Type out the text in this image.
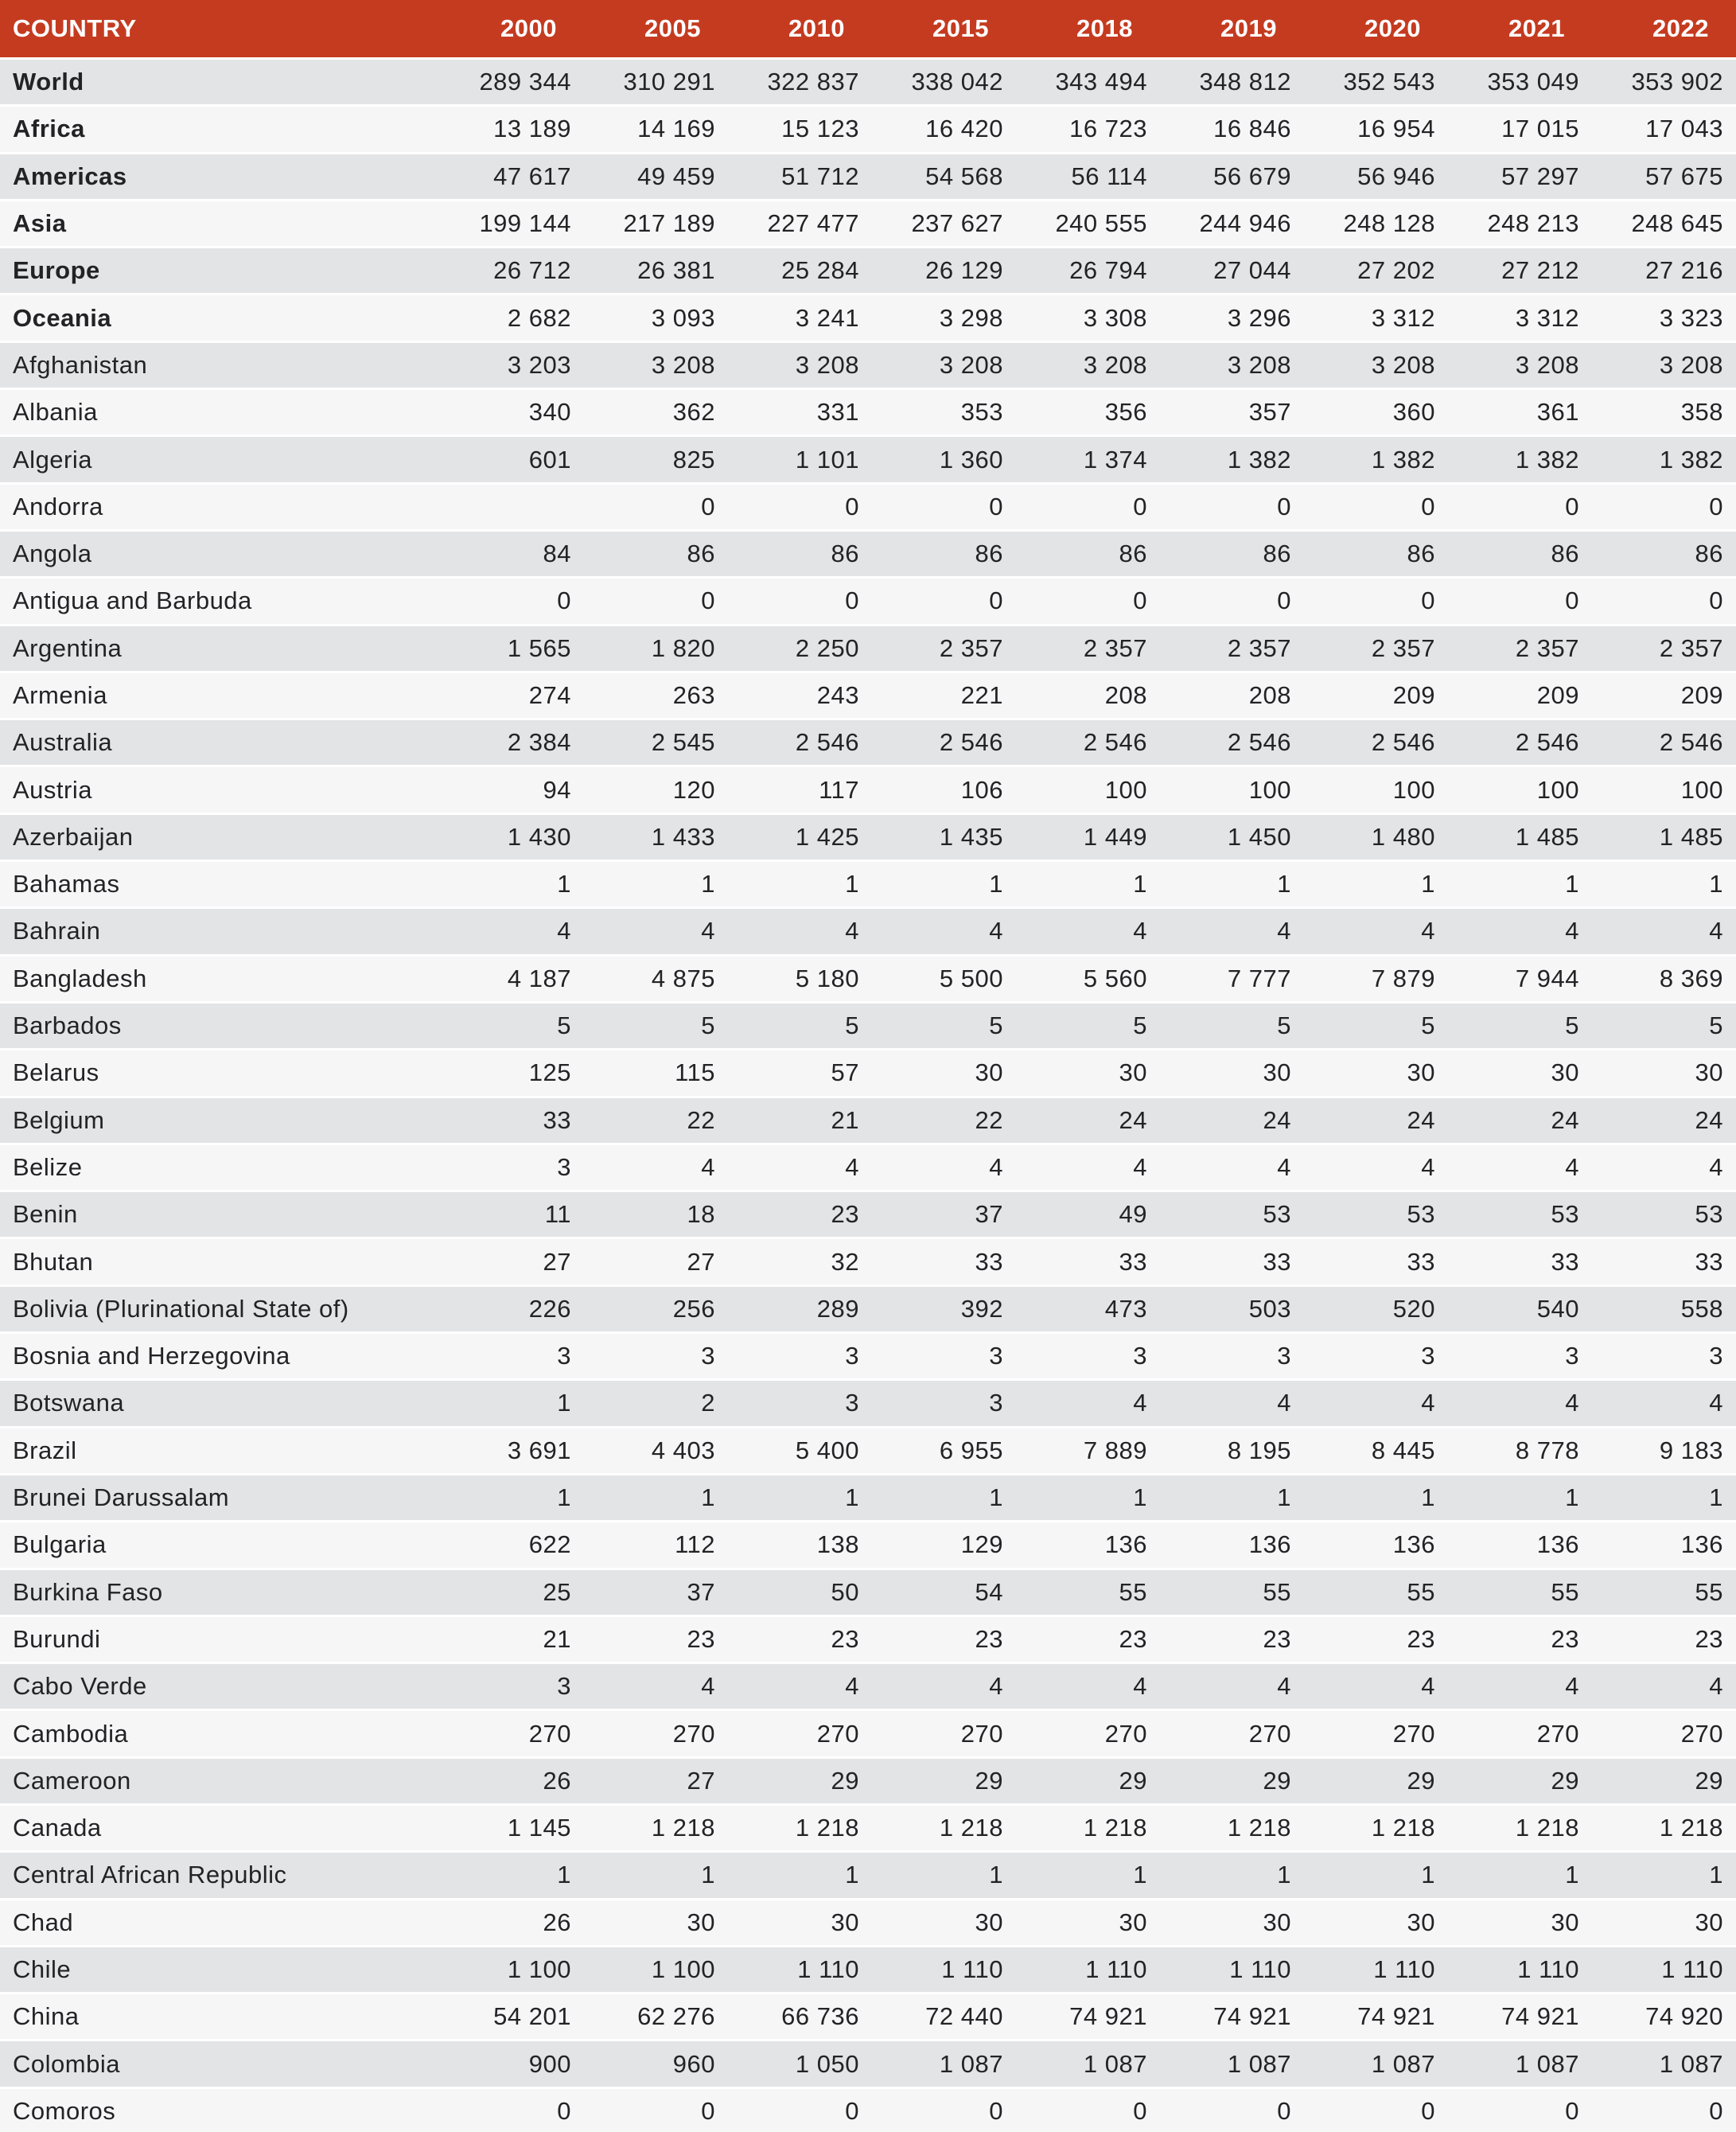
COUNTRY	2000	2005	2010	2015	2018	2019	2020	2021	2022
World	289 344	310 291	322 837	338 042	343 494	348 812	352 543	353 049	353 902
Africa	13 189	14 169	15 123	16 420	16 723	16 846	16 954	17 015	17 043
Americas	47 617	49 459	51 712	54 568	56 114	56 679	56 946	57 297	57 675
Asia	199 144	217 189	227 477	237 627	240 555	244 946	248 128	248 213	248 645
Europe	26 712	26 381	25 284	26 129	26 794	27 044	27 202	27 212	27 216
Oceania	2 682	3 093	3 241	3 298	3 308	3 296	3 312	3 312	3 323
Afghanistan	3 203	3 208	3 208	3 208	3 208	3 208	3 208	3 208	3 208
Albania	340	362	331	353	356	357	360	361	358
Algeria	601	825	1 101	1 360	1 374	1 382	1 382	1 382	1 382
Andorra		0	0	0	0	0	0	0	0
Angola	84	86	86	86	86	86	86	86	86
Antigua and Barbuda	0	0	0	0	0	0	0	0	0
Argentina	1 565	1 820	2 250	2 357	2 357	2 357	2 357	2 357	2 357
Armenia	274	263	243	221	208	208	209	209	209
Australia	2 384	2 545	2 546	2 546	2 546	2 546	2 546	2 546	2 546
Austria	94	120	117	106	100	100	100	100	100
Azerbaijan	1 430	1 433	1 425	1 435	1 449	1 450	1 480	1 485	1 485
Bahamas	1	1	1	1	1	1	1	1	1
Bahrain	4	4	4	4	4	4	4	4	4
Bangladesh	4 187	4 875	5 180	5 500	5 560	7 777	7 879	7 944	8 369
Barbados	5	5	5	5	5	5	5	5	5
Belarus	125	115	57	30	30	30	30	30	30
Belgium	33	22	21	22	24	24	24	24	24
Belize	3	4	4	4	4	4	4	4	4
Benin	11	18	23	37	49	53	53	53	53
Bhutan	27	27	32	33	33	33	33	33	33
Bolivia (Plurinational State of)	226	256	289	392	473	503	520	540	558
Bosnia and Herzegovina	3	3	3	3	3	3	3	3	3
Botswana	1	2	3	3	4	4	4	4	4
Brazil	3 691	4 403	5 400	6 955	7 889	8 195	8 445	8 778	9 183
Brunei Darussalam	1	1	1	1	1	1	1	1	1
Bulgaria	622	112	138	129	136	136	136	136	136
Burkina Faso	25	37	50	54	55	55	55	55	55
Burundi	21	23	23	23	23	23	23	23	23
Cabo Verde	3	4	4	4	4	4	4	4	4
Cambodia	270	270	270	270	270	270	270	270	270
Cameroon	26	27	29	29	29	29	29	29	29
Canada	1 145	1 218	1 218	1 218	1 218	1 218	1 218	1 218	1 218
Central African Republic	1	1	1	1	1	1	1	1	1
Chad	26	30	30	30	30	30	30	30	30
Chile	1 100	1 100	1 110	1 110	1 110	1 110	1 110	1 110	1 110
China	54 201	62 276	66 736	72 440	74 921	74 921	74 921	74 921	74 920
Colombia	900	960	1 050	1 087	1 087	1 087	1 087	1 087	1 087
Comoros	0	0	0	0	0	0	0	0	0
